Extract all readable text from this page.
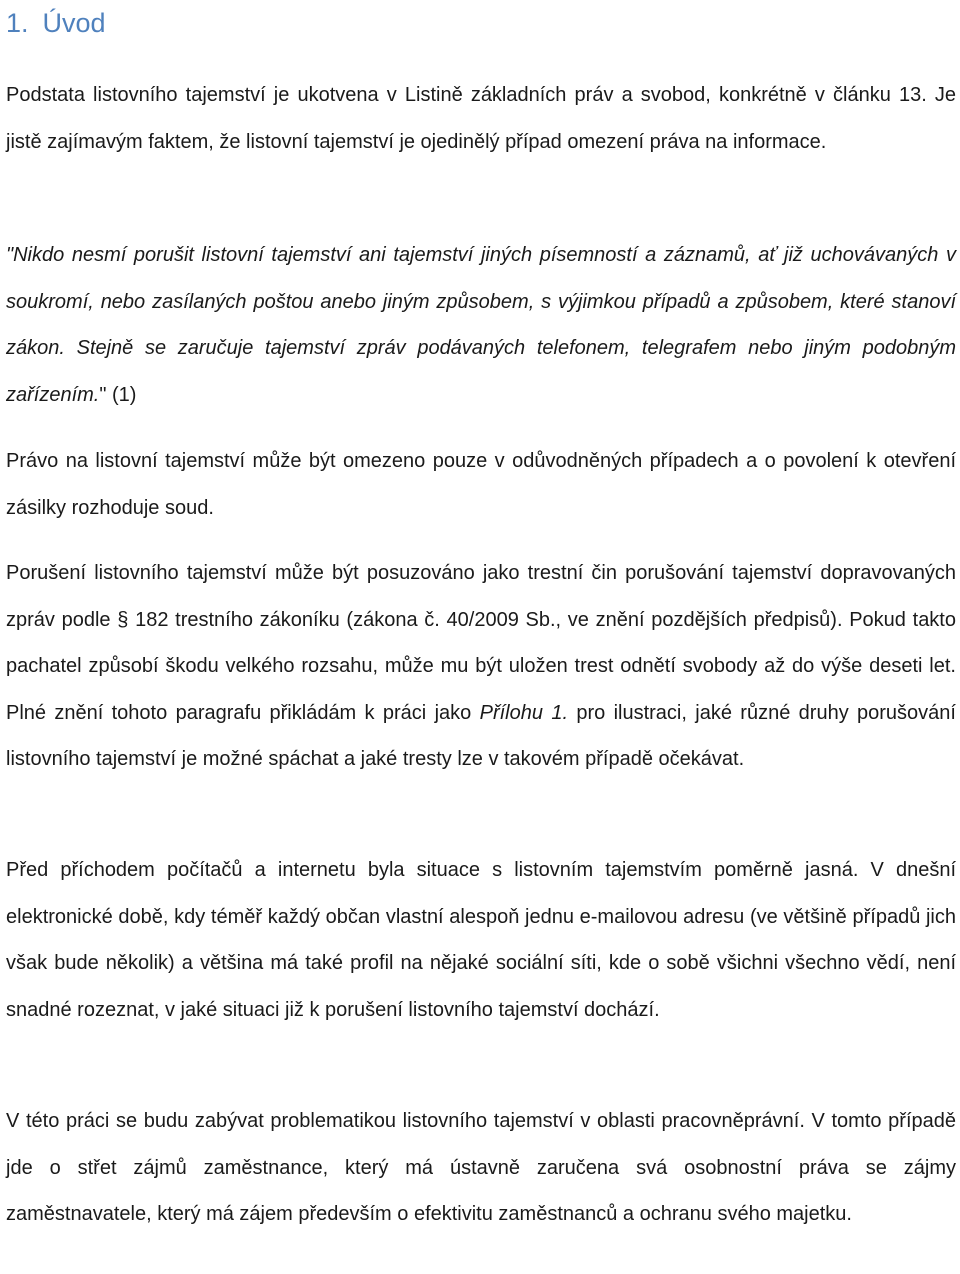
1. Úvod

Podstata listovního tajemství je ukotvena v Listině základních práv a svobod, konkrétně v článku 13. Je jistě zajímavým faktem, že listovní tajemství je ojedinělý případ omezení práva na informace.

"Nikdo nesmí porušit listovní tajemství ani tajemství jiných písemností a záznamů, ať již uchovávaných v soukromí, nebo zasílaných poštou anebo jiným způsobem, s výjimkou případů a způsobem, které stanoví zákon. Stejně se zaručuje tajemství zpráv podávaných telefonem, telegrafem nebo jiným podobným zařízením." (1)

Právo na listovní tajemství může být omezeno pouze v odůvodněných případech a o povolení k otevření zásilky rozhoduje soud.

Porušení listovního tajemství může být posuzováno jako trestní čin porušování tajemství dopravovaných zpráv podle § 182 trestního zákoníku (zákona č. 40/2009 Sb., ve znění pozdějších předpisů). Pokud takto pachatel způsobí škodu velkého rozsahu, může mu být uložen trest odnětí svobody až do výše deseti let. Plné znění tohoto paragrafu přikládám k práci jako Přílohu 1. pro ilustraci, jaké různé druhy porušování listovního tajemství je možné spáchat a jaké tresty lze v takovém případě očekávat.

Před příchodem počítačů a internetu byla situace s listovním tajemstvím poměrně jasná. V dnešní elektronické době, kdy téměř každý občan vlastní alespoň jednu e-mailovou adresu (ve většině případů jich však bude několik) a většina má také profil na nějaké sociální síti, kde o sobě všichni všechno vědí, není snadné rozeznat, v jaké situaci již k porušení listovního tajemství dochází.

V této práci se budu zabývat problematikou listovního tajemství v oblasti pracovněprávní. V tomto případě jde o střet zájmů zaměstnance, který má ústavně zaručena svá osobnostní práva se zájmy zaměstnavatele, který má zájem především o efektivitu zaměstnanců a ochranu svého majetku.
